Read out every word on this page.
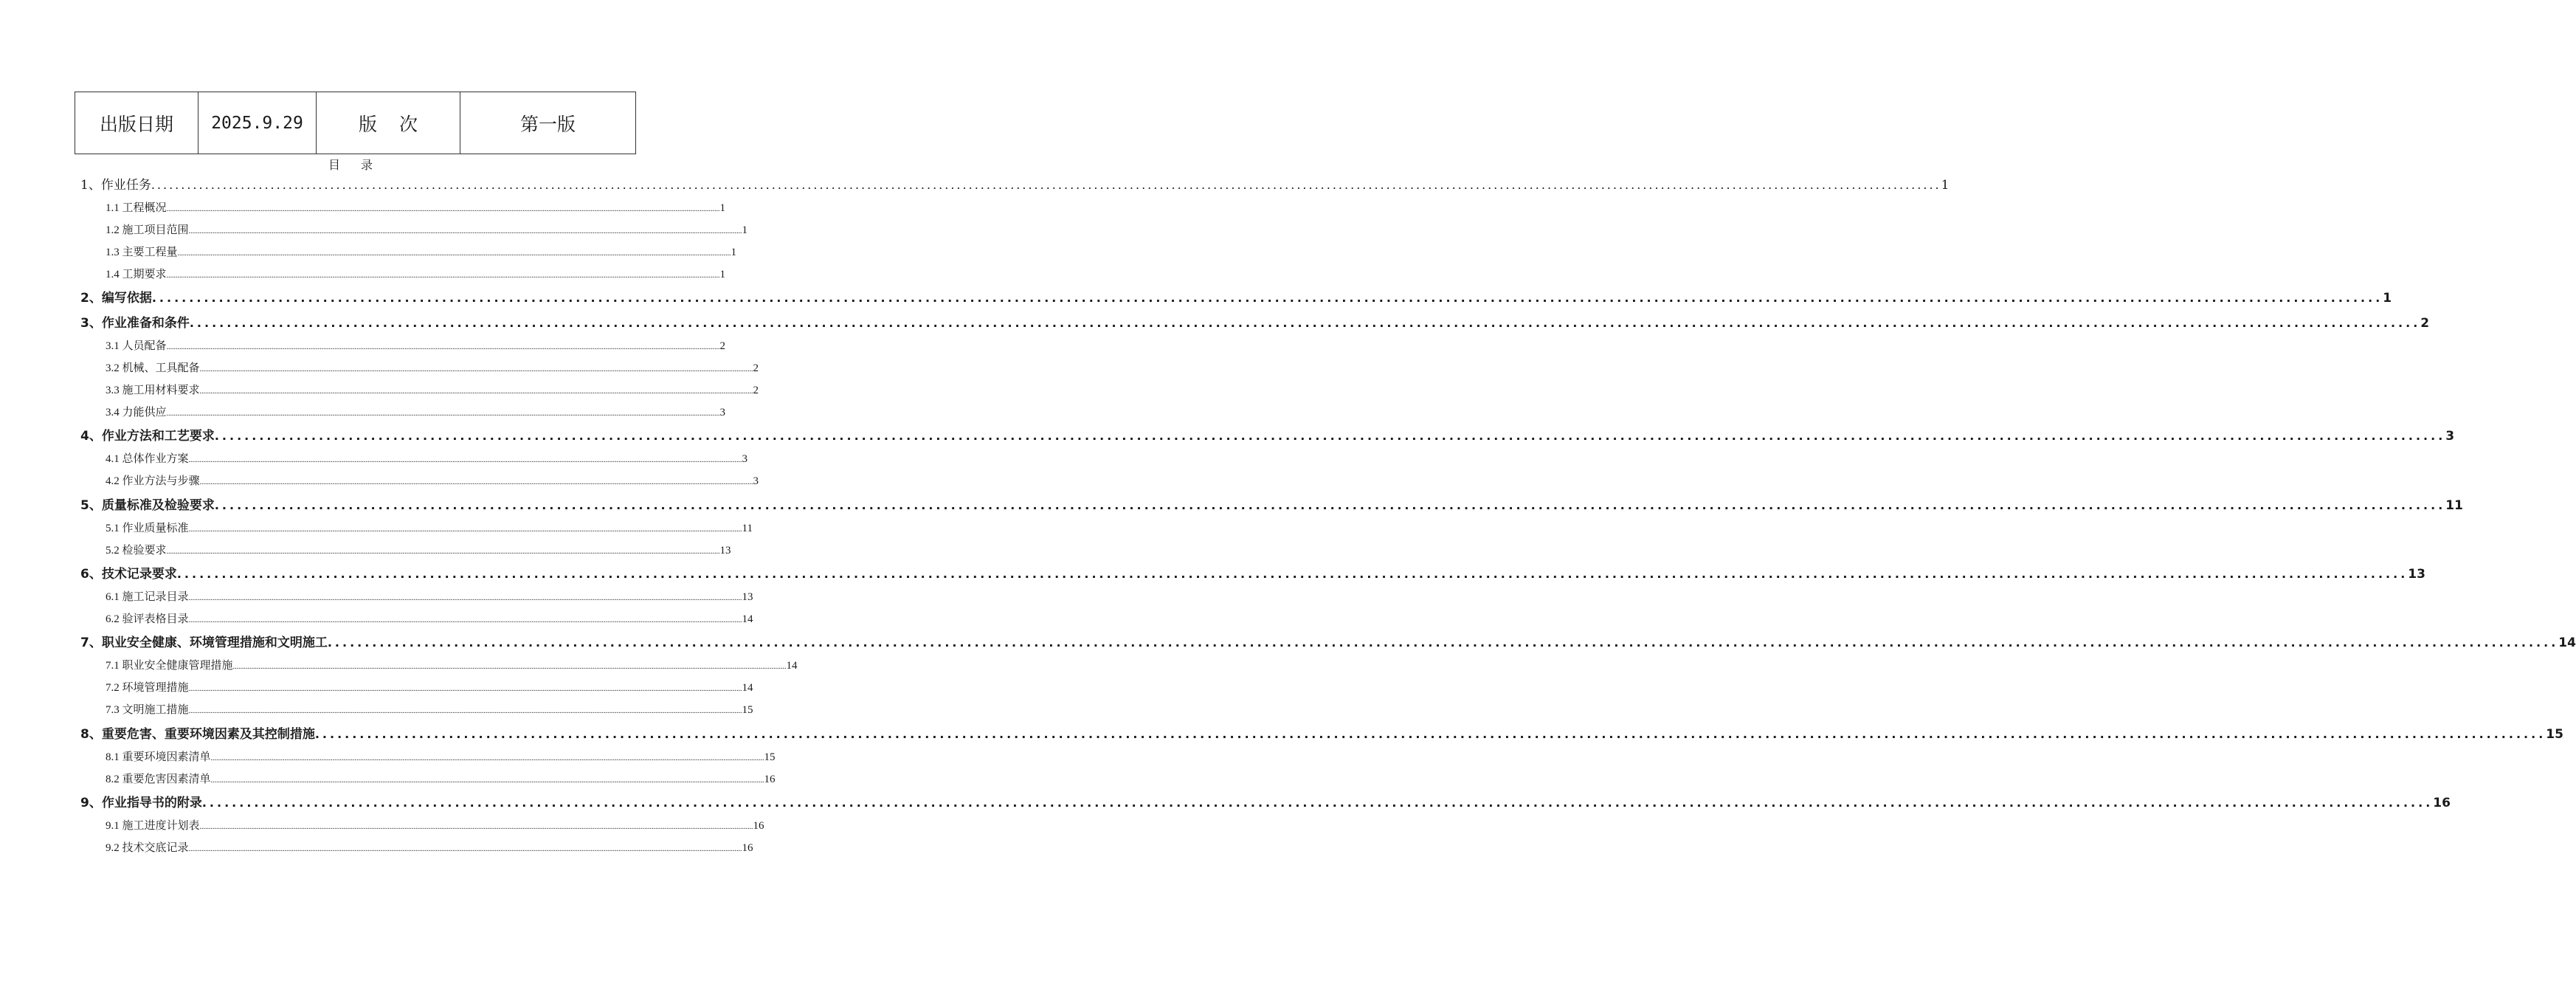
出版日期	2025.9.29	版次	第一版
目录
1、作业任务 ............................................................................................................................................................................................................................................................................................................ 1
1.1 工程概况 ............................................................................................................................................................................................................................................................................................................ 1
1.2 施工项目范围 ............................................................................................................................................................................................................................................................................................................ 1
1.3 主要工程量 ............................................................................................................................................................................................................................................................................................................ 1
1.4 工期要求 ............................................................................................................................................................................................................................................................................................................ 1
2、编写依据 ............................................................................................................................................................................................................................................................................................................ 1
3、作业准备和条件 ............................................................................................................................................................................................................................................................................................................ 2
3.1 人员配备 ............................................................................................................................................................................................................................................................................................................ 2
3.2 机械、工具配备 ............................................................................................................................................................................................................................................................................................................ 2
3.3 施工用材料要求 ............................................................................................................................................................................................................................................................................................................ 2
3.4 力能供应 ............................................................................................................................................................................................................................................................................................................ 3
4、作业方法和工艺要求 ............................................................................................................................................................................................................................................................................................................ 3
4.1 总体作业方案 ............................................................................................................................................................................................................................................................................................................ 3
4.2 作业方法与步骤 ............................................................................................................................................................................................................................................................................................................ 3
5、质量标准及检验要求 ............................................................................................................................................................................................................................................................................................................ 11
5.1 作业质量标准 ............................................................................................................................................................................................................................................................................................................ 11
5.2 检验要求 ............................................................................................................................................................................................................................................................................................................ 13
6、技术记录要求 ............................................................................................................................................................................................................................................................................................................ 13
6.1 施工记录目录 ............................................................................................................................................................................................................................................................................................................ 13
6.2 验评表格目录 ............................................................................................................................................................................................................................................................................................................ 14
7、职业安全健康、环境管理措施和文明施工 ............................................................................................................................................................................................................................................................................................................ 14
7.1 职业安全健康管理措施 ............................................................................................................................................................................................................................................................................................................ 14
7.2 环境管理措施 ............................................................................................................................................................................................................................................................................................................ 14
7.3 文明施工措施 ............................................................................................................................................................................................................................................................................................................ 15
8、重要危害、重要环境因素及其控制措施 ............................................................................................................................................................................................................................................................................................................ 15
8.1 重要环境因素清单 ............................................................................................................................................................................................................................................................................................................ 15
8.2 重要危害因素清单 ............................................................................................................................................................................................................................................................................................................ 16
9、作业指导书的附录 ............................................................................................................................................................................................................................................................................................................ 16
9.1 施工进度计划表 ............................................................................................................................................................................................................................................................................................................ 16
9.2 技术交底记录 ............................................................................................................................................................................................................................................................................................................ 16
